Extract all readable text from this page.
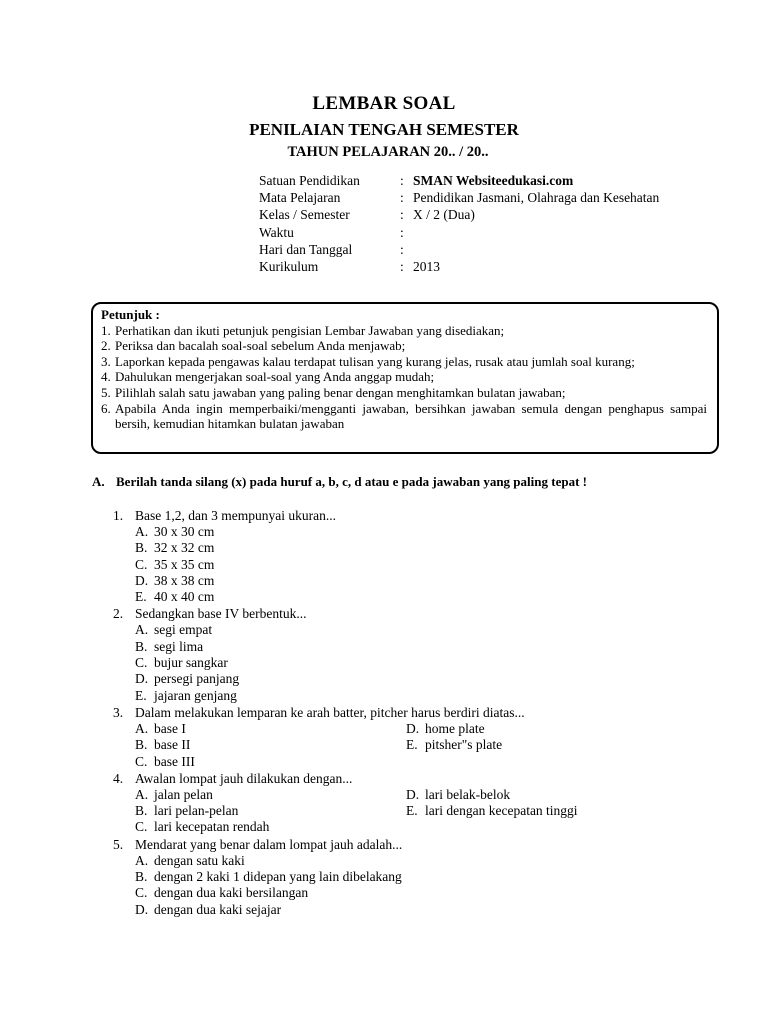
LEMBAR SOAL
PENILAIAN TENGAH SEMESTER
TAHUN PELAJARAN 20.. / 20..
Satuan Pendidikan	: SMAN Websiteedukasi.com
Mata Pelajaran	: Pendidikan Jasmani, Olahraga dan Kesehatan
Kelas / Semester	: X / 2 (Dua)
Waktu	:
Hari dan Tanggal	:
Kurikulum	: 2013
Petunjuk :
1. Perhatikan dan ikuti petunjuk pengisian Lembar Jawaban yang disediakan;
2. Periksa dan bacalah soal-soal sebelum Anda menjawab;
3. Laporkan kepada pengawas kalau terdapat tulisan yang kurang jelas, rusak atau jumlah soal kurang;
4. Dahulukan mengerjakan soal-soal yang Anda anggap mudah;
5. Pilihlah salah satu jawaban yang paling benar dengan menghitamkan bulatan jawaban;
6. Apabila Anda ingin memperbaiki/mengganti jawaban, bersihkan jawaban semula dengan penghapus sampai bersih, kemudian hitamkan bulatan jawaban
A. Berilah tanda silang (x) pada huruf a, b, c, d atau e pada jawaban yang paling tepat !
1. Base 1,2, dan 3 mempunyai ukuran...
A. 30 x 30 cm
B. 32 x 32 cm
C. 35 x 35 cm
D. 38 x 38 cm
E. 40 x 40 cm
2. Sedangkan base IV berbentuk...
A. segi empat
B. segi lima
C. bujur sangkar
D. persegi panjang
E. jajaran genjang
3. Dalam melakukan lemparan ke arah batter, pitcher harus berdiri diatas...
A. base I	D. home plate
B. base II	E. pitsher"s plate
C. base III
4. Awalan lompat jauh dilakukan dengan...
A. jalan pelan	D. lari belak-belok
B. lari pelan-pelan	E. lari dengan kecepatan tinggi
C. lari kecepatan rendah
5. Mendarat yang benar dalam lompat jauh adalah...
A. dengan satu kaki
B. dengan 2 kaki 1 didepan yang lain dibelakang
C. dengan dua kaki bersilangan
D. dengan dua kaki sejajar
